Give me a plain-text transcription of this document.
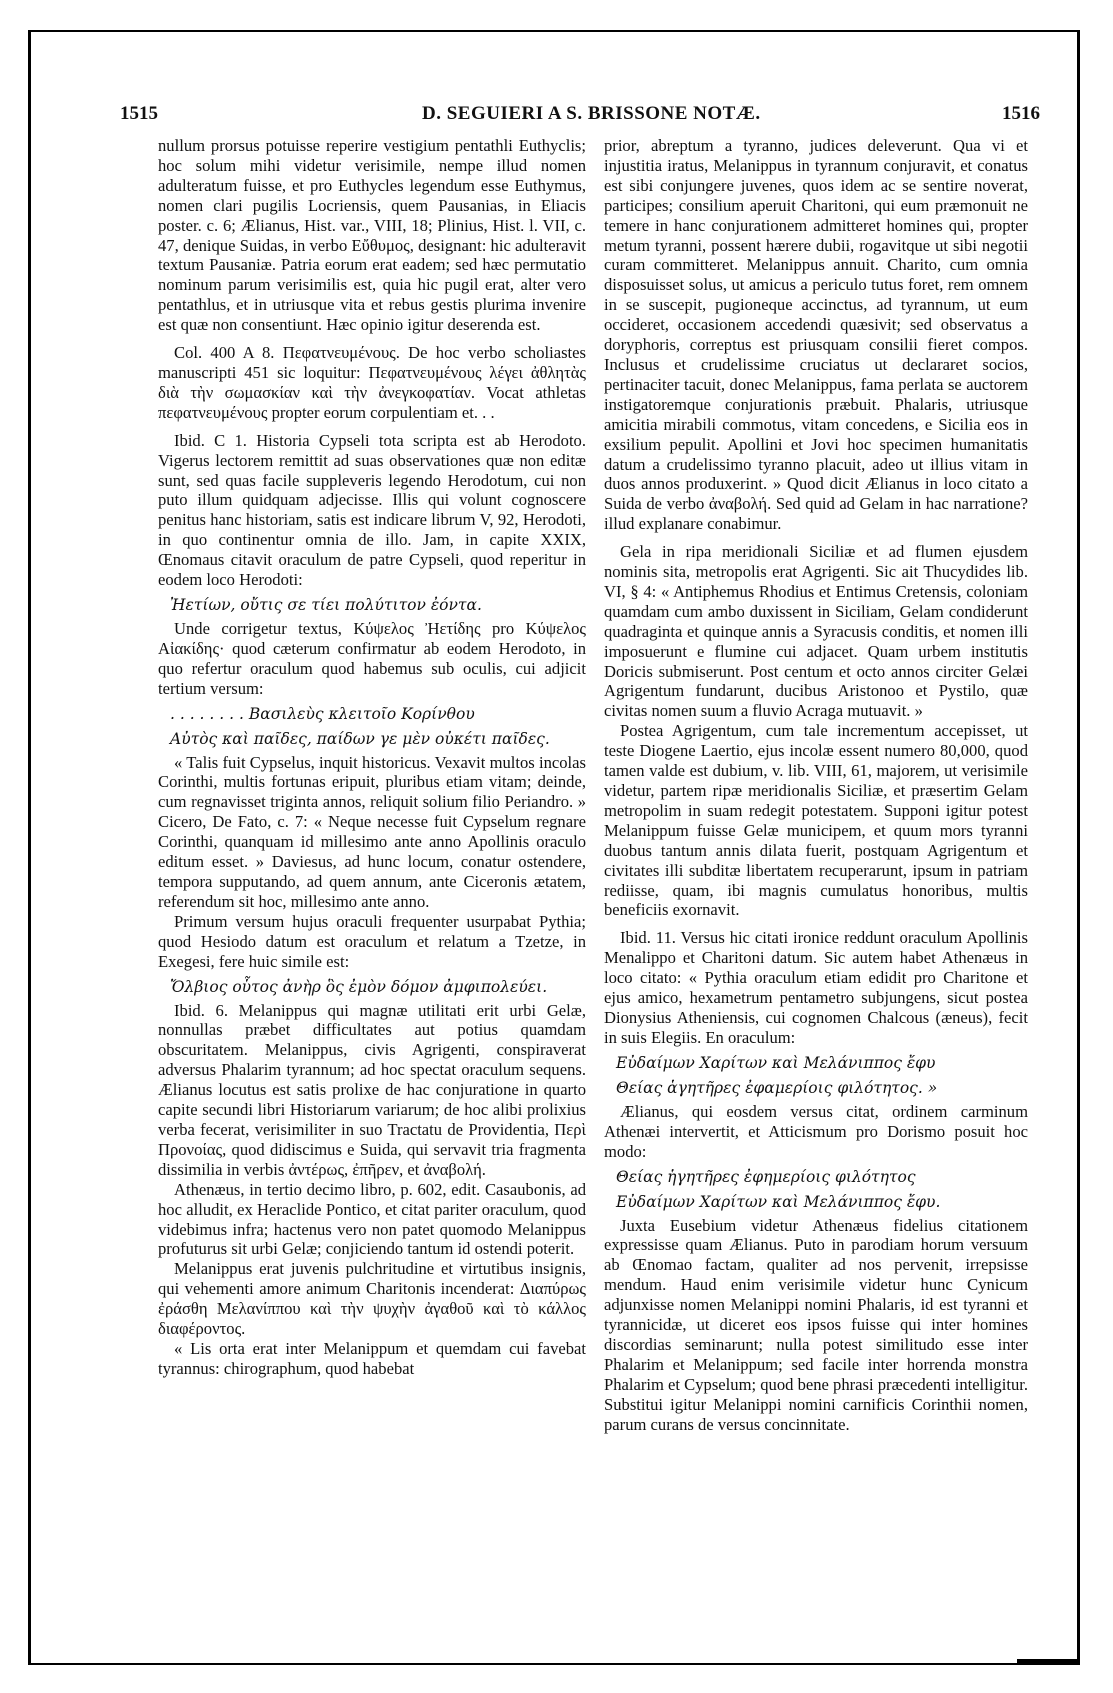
1515	D. SEGUIERI A S. BRISSONE NOTÆ.	1516

nullum prorsus potuisse reperire vestigium pentathli Euthyclis; hoc solum mihi videtur verisimile, nempe illud nomen adulteratum fuisse, et pro Euthycles legendum esse Euthymus, nomen clari pugilis Locriensis, quem Pausanias, in Eliacis poster. c. 6; Ælianus, Hist. var., VIII, 18; Plinius, Hist. l. VII, c. 47, denique Suidas, in verbo Εὔθυμος, designant: hic adulteravit textum Pausaniæ. Patria eorum erat eadem; sed hæc permutatio nominum parum verisimilis est, quia hic pugil erat, alter vero pentathlus, et in utriusque vita et rebus gestis plurima invenire est quæ non consentiunt. Hæc opinio igitur deserenda est.

Col. 400 A 8. Πεφατνευμένους. De hoc verbo scholiastes manuscripti 451 sic loquitur: Πεφατνευμένους λέγει ἀθλητὰς διὰ τὴν σωμασκίαν καὶ τὴν ἀνεγκοφατίαν. Vocat athletas πεφατνευμένους propter eorum corpulentiam et. . .

Ibid. C 1. Historia Cypseli tota scripta est ab Herodoto. Vigerus lectorem remittit ad suas observationes quæ non editæ sunt, sed quas facile suppleveris legendo Herodotum, cui non puto illum quidquam adjecisse. Illis qui volunt cognoscere penitus hanc historiam, satis est indicare librum V, 92, Herodoti, in quo continentur omnia de illo. Jam, in capite XXIX, Œnomaus citavit oraculum de patre Cypseli, quod reperitur in eodem loco Herodoti:

Ἠετίων, οὔτις σε τίει πολύτιτον ἐόντα.

Unde corrigetur textus, Κύψελος Ἠετίδης pro Κύψελος Αἰακίδης· quod cæterum confirmatur ab eodem Herodoto, in quo refertur oraculum quod habemus sub oculis, cui adjicit tertium versum:

. . . . . . . . Βασιλεὺς κλειτοῖο Κορίνθου
Αὐτὸς καὶ παῖδες, παίδων γε μὲν οὐκέτι παῖδες.

« Talis fuit Cypselus, inquit historicus. Vexavit multos incolas Corinthi, multis fortunas eripuit, pluribus etiam vitam; deinde, cum regnavisset triginta annos, reliquit solium filio Periandro. » Cicero, De Fato, c. 7: « Neque necesse fuit Cypselum regnare Corinthi, quanquam id millesimo ante anno Apollinis oraculo editum esset. » Daviesus, ad hunc locum, conatur ostendere, tempora supputando, ad quem annum, ante Ciceronis ætatem, referendum sit hoc, millesimo ante anno.

Primum versum hujus oraculi frequenter usurpabat Pythia; quod Hesiodo datum est oraculum et relatum a Tzetze, in Exegesi, fere huic simile est:

Ὄλβιος οὗτος ἀνὴρ ὃς ἐμὸν δόμον ἀμφιπολεύει.

Ibid. 6. Melanippus qui magnæ utilitati erit urbi Gelæ, nonnullas præbet difficultates aut potius quamdam obscuritatem. Melanippus, civis Agrigenti, conspiraverat adversus Phalarim tyrannum; ad hoc spectat oraculum sequens. Ælianus locutus est satis prolixe de hac conjuratione in quarto capite secundi libri Historiarum variarum; de hoc alibi prolixius verba fecerat, verisimiliter in suo Tractatu de Providentia, Περὶ Προνοίας, quod didiscimus e Suida, qui servavit tria fragmenta dissimilia in verbis ἀντέρως, ἐπῆρεν, et ἀναβολή.

Athenæus, in tertio decimo libro, p. 602, edit. Casaubonis, ad hoc alludit, ex Heraclide Pontico, et citat pariter oraculum, quod videbimus infra; hactenus vero non patet quomodo Melanippus profuturus sit urbi Gelæ; conjiciendo tantum id ostendi poterit.

Melanippus erat juvenis pulchritudine et virtutibus insignis, qui vehementi amore animum Charitonis incenderat: Διαπύρως ἐράσθη Μελανίππου καὶ τὴν ψυχὴν ἀγαθοῦ καὶ τὸ κάλλος διαφέροντος.

« Lis orta erat inter Melanippum et quemdam cui favebat tyrannus: chirographum, quod habebat

prior, abreptum a tyranno, judices deleverunt. Qua vi et injustitia iratus, Melanippus in tyrannum conjuravit, et conatus est sibi conjungere juvenes, quos idem ac se sentire noverat, participes; consilium aperuit Charitoni, qui eum præmonuit ne temere in hanc conjurationem admitteret homines qui, propter metum tyranni, possent hærere dubii, rogavitque ut sibi negotii curam committeret. Melanippus annuit. Charito, cum omnia disposuisset solus, ut amicus a periculo tutus foret, rem omnem in se suscepit, pugioneque accinctus, ad tyrannum, ut eum occideret, occasionem accedendi quæsivit; sed observatus a doryphoris, correptus est priusquam consilii fieret compos. Inclusus et crudelissime cruciatus ut declararet socios, pertinaciter tacuit, donec Melanippus, fama perlata se auctorem instigatoremque conjurationis præbuit. Phalaris, utriusque amicitia mirabili commotus, vitam concedens, e Sicilia eos in exsilium pepulit. Apollini et Jovi hoc specimen humanitatis datum a crudelissimo tyranno placuit, adeo ut illius vitam in duos annos produxerint. » Quod dicit Ælianus in loco citato a Suida de verbo ἀναβολή. Sed quid ad Gelam in hac narratione? illud explanare conabimur.

Gela in ripa meridionali Siciliæ et ad flumen ejusdem nominis sita, metropolis erat Agrigenti. Sic ait Thucydides lib. VI, § 4: « Antiphemus Rhodius et Entimus Cretensis, coloniam quamdam cum ambo duxissent in Siciliam, Gelam condiderunt quadraginta et quinque annis a Syracusis conditis, et nomen illi imposuerunt e flumine cui adjacet. Quam urbem institutis Doricis submiserunt. Post centum et octo annos circiter Gelæi Agrigentum fundarunt, ducibus Aristonoo et Pystilo, quæ civitas nomen suum a fluvio Acraga mutuavit. »

Postea Agrigentum, cum tale incrementum accepisset, ut teste Diogene Laertio, ejus incolæ essent numero 80,000, quod tamen valde est dubium, v. lib. VIII, 61, majorem, ut verisimile videtur, partem ripæ meridionalis Siciliæ, et præsertim Gelam metropolim in suam redegit potestatem. Supponi igitur potest Melanippum fuisse Gelæ municipem, et quum mors tyranni duobus tantum annis dilata fuerit, postquam Agrigentum et civitates illi subditæ libertatem recuperarunt, ipsum in patriam rediisse, quam, ibi magnis cumulatus honoribus, multis beneficiis exornavit.

Ibid. 11. Versus hic citati ironice reddunt oraculum Apollinis Menalippo et Charitoni datum. Sic autem habet Athenæus in loco citato: « Pythia oraculum etiam edidit pro Charitone et ejus amico, hexametrum pentametro subjungens, sicut postea Dionysius Atheniensis, cui cognomen Chalcous (æneus), fecit in suis Elegiis. En oraculum:

Εὐδαίμων Χαρίτων καὶ Μελάνιππος ἔφυ
Θείας ἁγητῆρες ἐφαμερίοις φιλότητος. »

Ælianus, qui eosdem versus citat, ordinem carminum Athenæi intervertit, et Atticismum pro Dorismo posuit hoc modo:

Θείας ἡγητῆρες ἐφημερίοις φιλότητος
Εὐδαίμων Χαρίτων καὶ Μελάνιππος ἔφυ.

Juxta Eusebium videtur Athenæus fidelius citationem expressisse quam Ælianus. Puto in parodiam horum versuum ab Œnomao factam, qualiter ad nos pervenit, irrepsisse mendum. Haud enim verisimile videtur hunc Cynicum adjunxisse nomen Melanippi nomini Phalaris, id est tyranni et tyrannicidæ, ut diceret eos ipsos fuisse qui inter homines discordias seminarunt; nulla potest similitudo esse inter Phalarim et Melanippum; sed facile inter horrenda monstra Phalarim et Cypselum; quod bene phrasi præcedenti intelligitur. Substitui igitur Melanippi nomini carnificis Corinthii nomen, parum curans de versus concinnitate.
